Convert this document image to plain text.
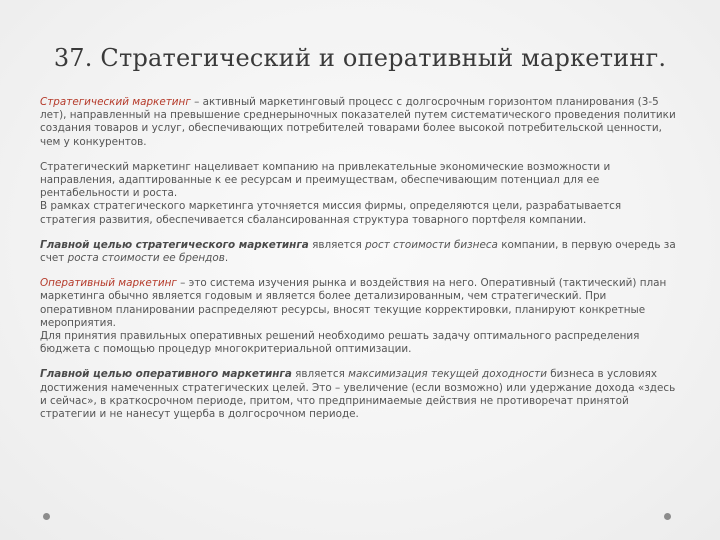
37. Стратегический и оперативный маркетинг.

Стратегический маркетинг – активный маркетинговый процесс с долгосрочным горизонтом планирования (3-5 лет), направленный на превышение среднерыночных показателей путем систематического проведения политики создания товаров и услуг, обеспечивающих потребителей товарами более высокой потребительской ценности, чем у конкурентов.

Стратегический маркетинг нацеливает компанию на привлекательные экономические возможности и направления, адаптированные к ее ресурсам и преимуществам, обеспечивающим потенциал для ее рентабельности и роста.

В рамках стратегического маркетинга уточняется миссия фирмы, определяются цели, разрабатывается стратегия развития, обеспечивается сбалансированная структура товарного портфеля компании.

Главной целью стратегического маркетинга является рост стоимости бизнеса компании, в первую очередь за счет роста стоимости ее брендов.

Оперативный маркетинг – это система изучения рынка и воздействия на него. Оперативный (тактический) план маркетинга обычно является годовым и является более детализированным, чем стратегический. При оперативном планировании распределяют ресурсы, вносят текущие корректировки, планируют конкретные мероприятия.

Для принятия правильных оперативных решений необходимо решать задачу оптимального распределения бюджета с помощью процедур многокритериальной оптимизации.

Главной целью оперативного маркетинга является максимизация текущей доходности бизнеса в условиях достижения намеченных стратегических целей. Это – увеличение (если возможно) или удержание дохода «здесь и сейчас», в краткосрочном периоде, притом, что предпринимаемые действия не противоречат принятой стратегии и не нанесут ущерба в долгосрочном периоде.
